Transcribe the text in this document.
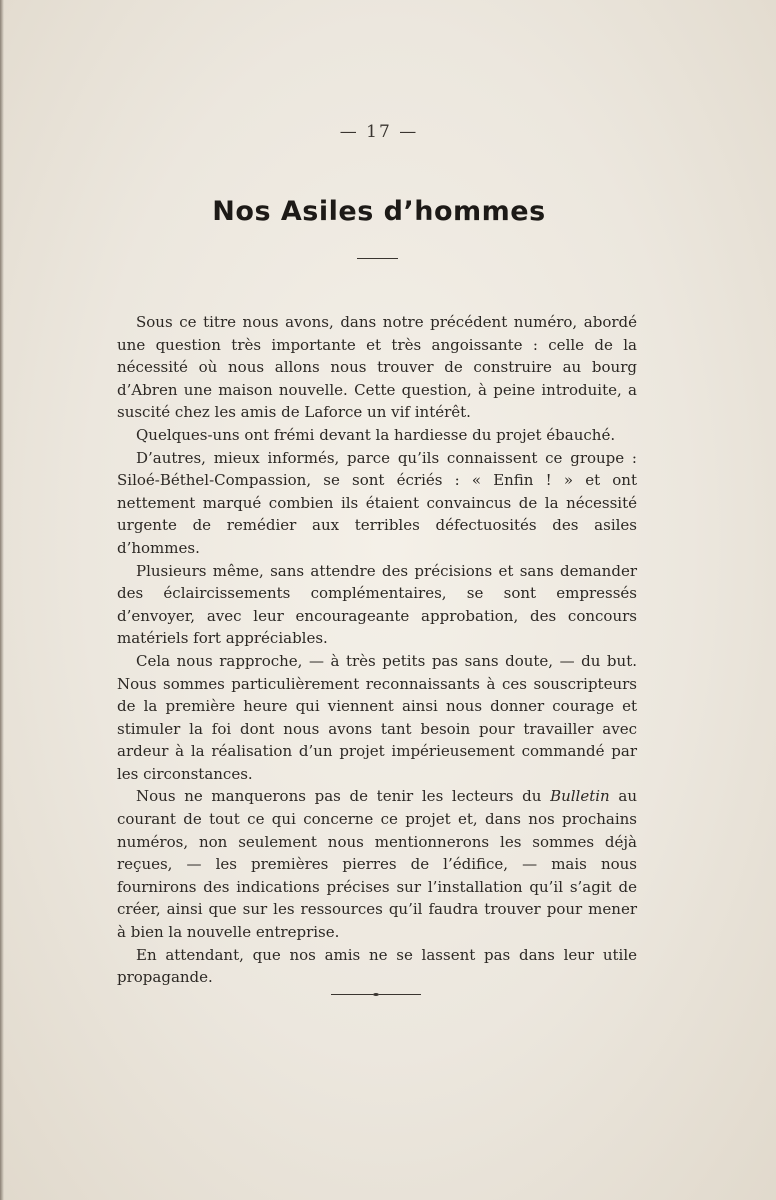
— 17 —
Nos Asiles d’hommes

Sous ce titre nous avons, dans notre précédent numéro, abordé une question très importante et très angoissante : celle de la nécessité où nous allons nous trouver de construire au bourg d’Abren une maison nouvelle. Cette question, à peine introduite, a suscité chez les amis de Laforce un vif intérêt.

Quelques-uns ont frémi devant la hardiesse du projet ébauché.

D’autres, mieux informés, parce qu’ils connaissent ce groupe : Siloé-Béthel-Compassion, se sont écriés : « Enfin ! » et ont nettement marqué combien ils étaient convaincus de la nécessité urgente de remédier aux terribles défectuosités des asiles d’hommes.

Plusieurs même, sans attendre des précisions et sans demander des éclaircissements complémentaires, se sont empressés d’envoyer, avec leur encourageante approbation, des concours matériels fort appréciables.

Cela nous rapproche, — à très petits pas sans doute, — du but. Nous sommes particulièrement reconnaissants à ces souscripteurs de la première heure qui viennent ainsi nous donner courage et stimuler la foi dont nous avons tant besoin pour travailler avec ardeur à la réalisation d’un projet impérieusement commandé par les circonstances.

Nous ne manquerons pas de tenir les lecteurs du Bulletin au courant de tout ce qui concerne ce projet et, dans nos prochains numéros, non seulement nous mentionnerons les sommes déjà reçues, — les premières pierres de l’édifice, — mais nous fournirons des indications précises sur l’installation qu’il s’agit de créer, ainsi que sur les ressources qu’il faudra trouver pour mener à bien la nouvelle entreprise.

En attendant, que nos amis ne se lassent pas dans leur utile propagande.
